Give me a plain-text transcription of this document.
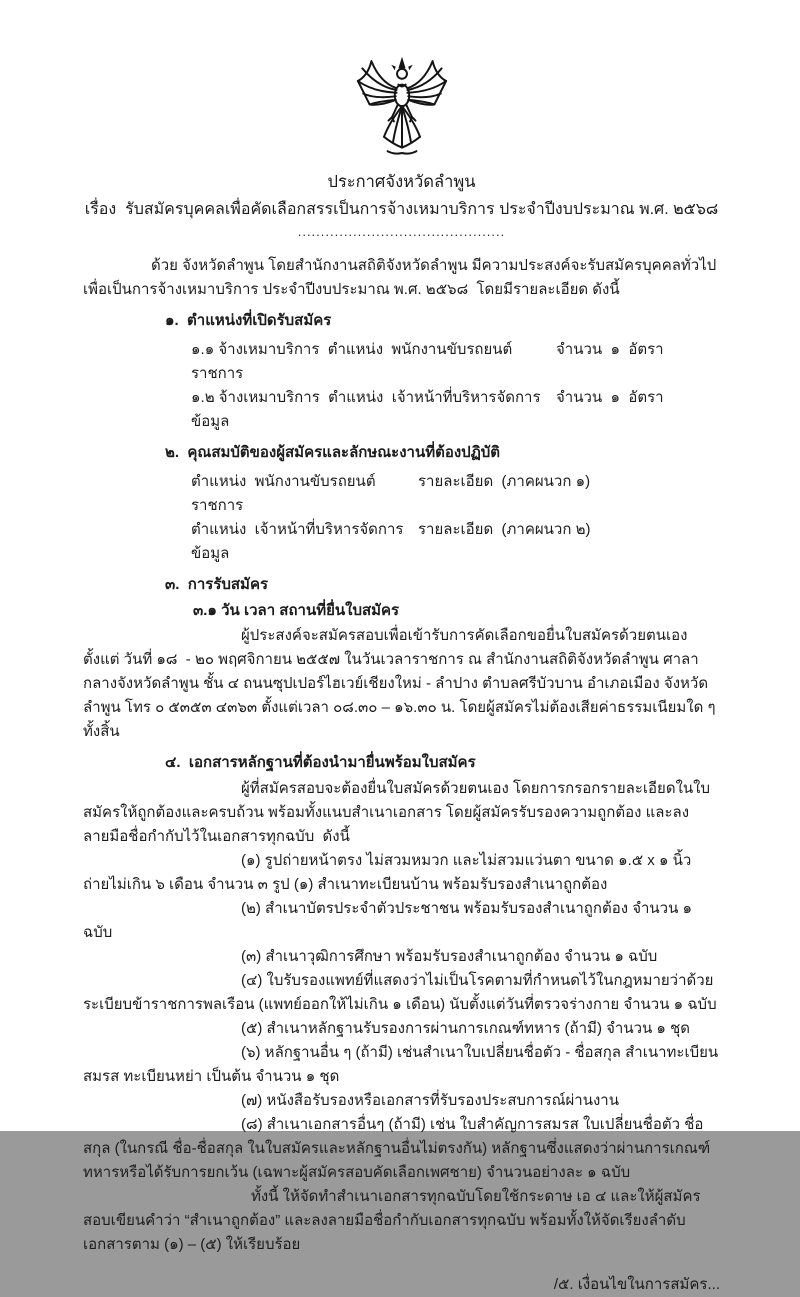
ประกาศจังหวัดลำพูน
เรื่อง  รับสมัครบุคคลเพื่อคัดเลือกสรรเป็นการจ้างเหมาบริการ ประจำปีงบประมาณ พ.ศ. ๒๕๖๘
.............................................

ด้วย จังหวัดลำพูน โดยสำนักงานสถิติจังหวัดลำพูน มีความประสงค์จะรับสมัครบุคคลทั่วไป เพื่อเป็นการจ้างเหมาบริการ ประจำปีงบประมาณ พ.ศ. ๒๕๖๘  โดยมีรายละเอียด ดังนี้

๑.  ตำแหน่งที่เปิดรับสมัคร
๑.๑ จ้างเหมาบริการ  ตำแหน่ง  พนักงานขับรถยนต์ราชการ
จำนวน  ๑  อัตรา
๑.๒ จ้างเหมาบริการ  ตำแหน่ง  เจ้าหน้าที่บริหารจัดการข้อมูล
จำนวน  ๑  อัตรา
๒.  คุณสมบัติของผู้สมัครและลักษณะงานที่ต้องปฏิบัติ
ตำแหน่ง  พนักงานขับรถยนต์ราชการ
รายละเอียด  (ภาคผนวก ๑)
ตำแหน่ง  เจ้าหน้าที่บริหารจัดการข้อมูล
รายละเอียด  (ภาคผนวก ๒)
๓.  การรับสมัคร
๓.๑ วัน เวลา สถานที่ยื่นใบสมัคร

ผู้ประสงค์จะสมัครสอบเพื่อเข้ารับการคัดเลือกขอยื่นใบสมัครด้วยตนเอง ตั้งแต่ วันที่ ๑๘  - ๒๐ พฤศจิกายน ๒๕๕๗ ในวันเวลาราชการ ณ สำนักงานสถิติจังหวัดลำพูน ศาลากลางจังหวัดลำพูน ชั้น ๔ ถนนซุปเปอร์ไฮเวย์เชียงใหม่ - ลำปาง ตำบลศรีบัวบาน อำเภอเมือง จังหวัดลำพูน โทร ๐ ๕๓๕๓ ๔๓๖๓ ตั้งแต่เวลา ๐๘.๓๐ – ๑๖.๓๐ น. โดยผู้สมัครไม่ต้องเสียค่าธรรมเนียมใด ๆ ทั้งสิ้น

๔.  เอกสารหลักฐานที่ต้องนำมายื่นพร้อมใบสมัคร

ผู้ที่สมัครสอบจะต้องยื่นใบสมัครด้วยตนเอง โดยการกรอกรายละเอียดในใบสมัครให้ถูกต้องและครบถ้วน พร้อมทั้งแนบสำเนาเอกสาร โดยผู้สมัครรับรองความถูกต้อง และลงลายมือชื่อกำกับไว้ในเอกสารทุกฉบับ  ดังนี้

(๑) รูปถ่ายหน้าตรง ไม่สวมหมวก และไม่สวมแว่นตา ขนาด ๑.๕ x ๑ นิ้ว ถ่ายไม่เกิน ๖ เดือน จำนวน ๓ รูป (๑) สำเนาทะเบียนบ้าน พร้อมรับรองสำเนาถูกต้อง

(๒) สำเนาบัตรประจำตัวประชาชน พร้อมรับรองสำเนาถูกต้อง จำนวน ๑ ฉบับ

(๓) สำเนาวุฒิการศึกษา พร้อมรับรองสำเนาถูกต้อง จำนวน ๑ ฉบับ

(๔) ใบรับรองแพทย์ที่แสดงว่าไม่เป็นโรคตามที่กำหนดไว้ในกฎหมายว่าด้วยระเบียบข้าราชการพลเรือน (แพทย์ออกให้ไม่เกิน ๑ เดือน) นับตั้งแต่วันที่ตรวจร่างกาย จำนวน ๑ ฉบับ

(๕) สำเนาหลักฐานรับรองการผ่านการเกณฑ์ทหาร (ถ้ามี) จำนวน ๑ ชุด

(๖) หลักฐานอื่น ๆ (ถ้ามี) เช่นสำเนาใบเปลี่ยนชื่อตัว - ชื่อสกุล สำเนาทะเบียนสมรส ทะเบียนหย่า เป็นต้น จำนวน ๑ ชุด

(๗) หนังสือรับรองหรือเอกสารที่รับรองประสบการณ์ผ่านงาน

(๘) สำเนาเอกสารอื่นๆ (ถ้ามี) เช่น ใบสำคัญการสมรส ใบเปลี่ยนชื่อตัว ชื่อสกุล (ในกรณี ชื่อ-ชื่อสกุล ในใบสมัครและหลักฐานอื่นไม่ตรงกัน) หลักฐานซึ่งแสดงว่าผ่านการเกณฑ์ทหารหรือได้รับการยกเว้น (เฉพาะผู้สมัครสอบคัดเลือกเพศชาย) จำนวนอย่างละ ๑ ฉบับ

ทั้งนี้ ให้จัดทำสำเนาเอกสารทุกฉบับโดยใช้กระดาษ เอ ๔ และให้ผู้สมัครสอบเขียนคำว่า “สำเนาถูกต้อง” และลงลายมือชื่อกำกับเอกสารทุกฉบับ พร้อมทั้งให้จัดเรียงลำดับเอกสารตาม (๑) – (๕) ให้เรียบร้อย

/๕. เงื่อนไขในการสมัคร...
